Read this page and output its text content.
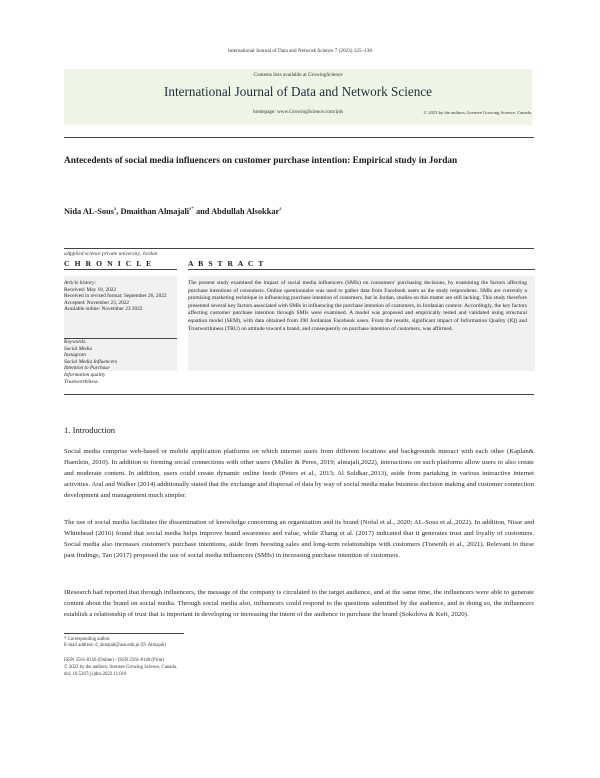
International Journal of Data and Network Science 7 (2023) 125–138
Contents lists available at GrowingScience
International Journal of Data and Network Science
homepage: www.GrowingScience.com/ijds
Antecedents of social media influencers on customer purchase intention: Empirical study in Jordan
Nida AL-Sous$^a$, Dmaithan Almajali$^{a*}$ and Abdullah Alsokkar$^a$
aApplied science private university, Jordan
C H R O N I C L E	A B S T R A C T
Article history:
Received: May 18, 2022
Received in revised format: September 26, 2022
Accepted: November 23, 2022
Available online: November 23 2022
Keywords:
Social Media
Instagram
Social Media Influencers
Intention to Purchase
Information quality
Trustworthiness
The present study examined the impact of social media influencers (SMIs) on consumers' purchasing decisions, by examining the factors affecting purchase intentions of consumers. Online questionnaire was used to gather data from Facebook users as the study respondents. SMIs are currently a promising marketing technique in influencing purchase intention of customers, but in Jordan, studies on this matter are still lacking. This study therefore presented several key factors associated with SMIs in influencing the purchase intention of customers, in Jordanian context. Accordingly, the key factors affecting customer purchase intention through SMIs were examined. A model was proposed and empirically tested and validated using structural equation model (SEM), with data obtained from 390 Jordanian Facebook users. From the results, significant impact of Information Quality (IQ) and Trustworthiness (TRU) on attitude toward a brand, and consequently on purchase intention of customers, was affirmed.
© 2023 by the authors; licensee Growing Science, Canada.
1. Introduction
Social media comprise web-based or mobile application platforms on which internet users from different locations and backgrounds interact with each other (Kaplan& Haenlein, 2010). In addition to forming social connections with other users (Muller & Peres, 2019; almajali,2022), interactions on such platforms allow users to also create and moderate content. In addition, users could create dynamic online feeds (Peters et al., 2013; Al Soldkar.,2013), aside from partaking in various interactive internet activities. Aral and Walker (2014) additionally stated that the exchange and dispersal of data by way of social media make business decision making and customer connection development and management much simpler.
The use of social media facilitates the dissemination of knowledge concerning an organization and its brand (Nofal et al., 2020; AL-Sous et al.,2022). In addition, Nisar and Whitehead (2016) found that social media helps improve brand awareness and value, while Zhang et al. (2017) indicated that it generates trust and loyalty of customers. Social media also increases customer's purchase intentions, aside from boosting sales and long-term relationships with customers (Trawnih et al., 2021). Relevant to these past findings, Tan (2017) proposed the use of social media influencers (SMIs) in increasing purchase intention of customers.
IResearch had reported that through influencers, the message of the company is circulated to the target audience, and at the same time, the influencers were able to generate content about the brand on social media. Through social media also, influencers could respond to the questions submitted by the audience, and in doing so, the influencers establish a relationship of trust that is important in developing or increasing the intent of the audience to purchase the brand (Sokolova & Kefi, 2020).
* Corresponding author.
E-mail address: d_almajali@asu.edu.jo (D. Almajali)
ISSN 2561-8156 (Online) - ISSN 2561-8148 (Print)
© 2023 by the authors; licensee Growing Science, Canada.
doi: 10.5267/j.ijdns.2022.11.010
